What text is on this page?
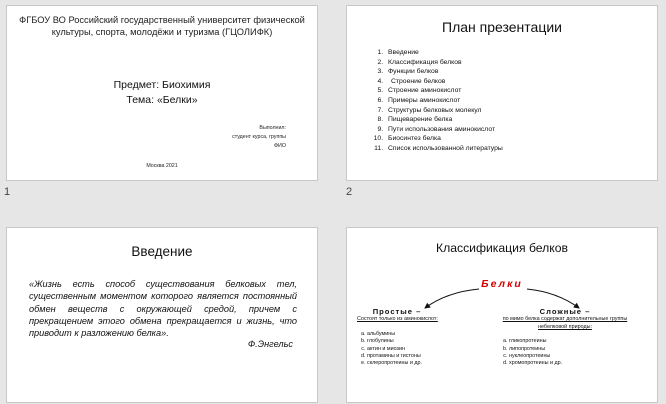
ФГБОУ ВО Российский государственный университет физической культуры, спорта, молодёжи и туризма (ГЦОЛИФК)
Предмет: Биохимия
Тема: «Белки»
Выполнил:
студент курса, группы
ФИО
Москва 2021
1
План презентации
1. Введение
2. Классификация белков
3. Функции белков
4. Строение белков
5. Строение аминокислот
6. Примеры аминокислот
7. Структуры белковых молекул
8. Пищеварение белка
9. Пути использования аминокислот
10. Биосинтез белка
11. Список использованной литературы
2
Введение
«Жизнь есть способ существования белковых тел, существенным моментом которого является постоянный обмен веществ с окружающей средой, причем с прекращением этого обмена прекращается и жизнь, что приводит к разложению белка».
Ф.Энгельс
Классификация белков
Белки
Простые –
Состоят только из аминокислот:
a. альбумины
b. глобулины
c. актин и миозин
d. протамины и гистоны
e. склеропротеины и др.
Сложные –
по мимо белка содержат дополнительные группы небелковой природы:
a. гликопротеины
b. липопротеины
c. нуклеопротеины
d. хромопротеины и др.
